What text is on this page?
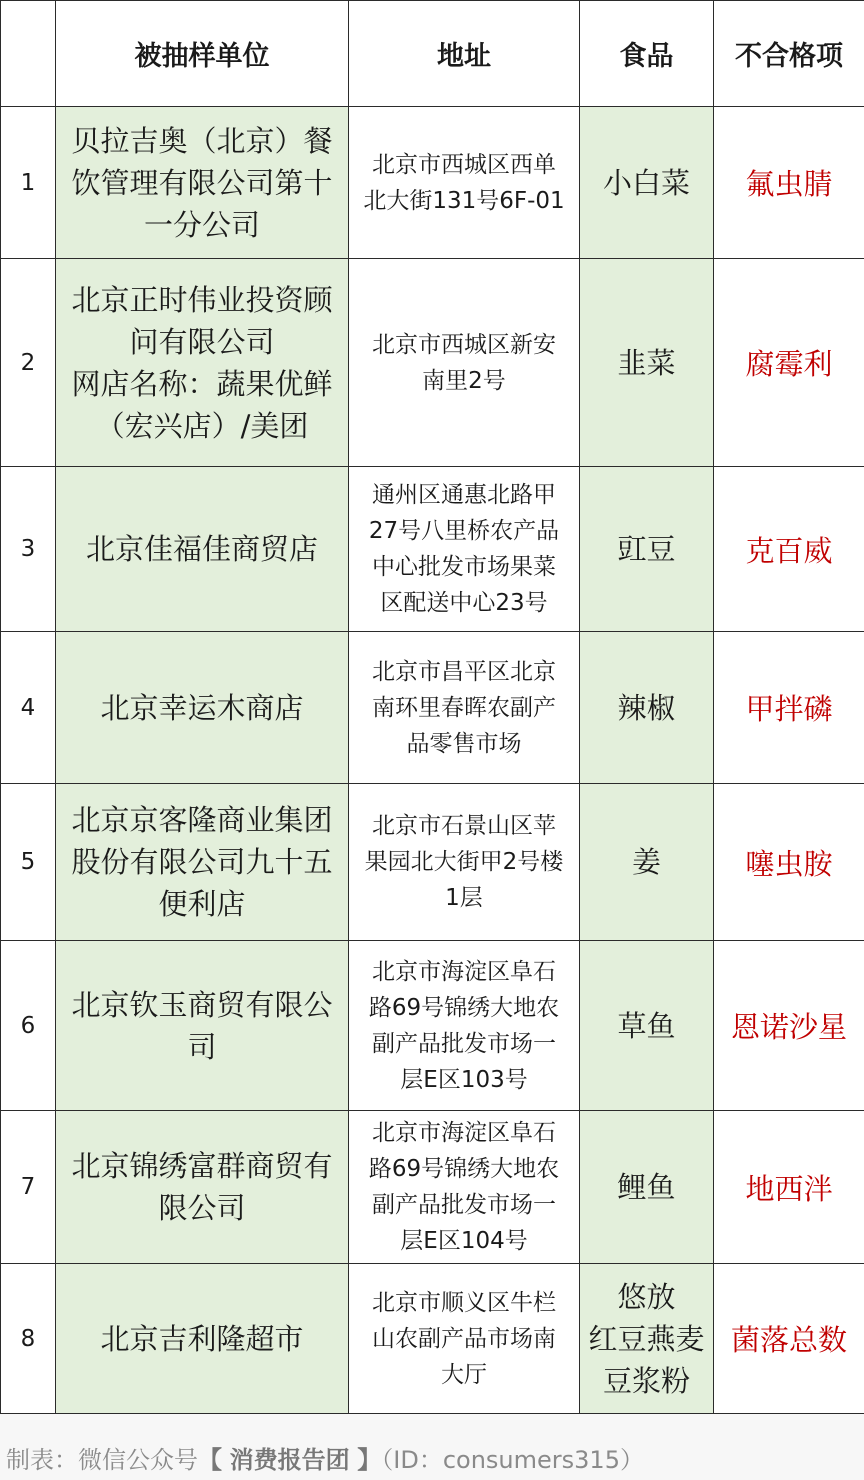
	被抽样单位	地址	食品	不合格项
1	贝拉吉奥（北京）餐
饮管理有限公司第十
一分公司	北京市西城区西单
北大街131号6F-01	小白菜	氟虫腈
2	北京正时伟业投资顾
问有限公司
网店名称：蔬果优鲜
（宏兴店）/美团	北京市西城区新安
南里2号	韭菜	腐霉利
3	北京佳福佳商贸店	通州区通惠北路甲
27号八里桥农产品
中心批发市场果菜
区配送中心23号	豇豆	克百威
4	北京幸运木商店	北京市昌平区北京
南环里春晖农副产
品零售市场	辣椒	甲拌磷
5	北京京客隆商业集团
股份有限公司九十五
便利店	北京市石景山区苹
果园北大街甲2号楼
1层	姜	噻虫胺
6	北京钦玉商贸有限公
司	北京市海淀区阜石
路69号锦绣大地农
副产品批发市场一
层E区103号	草鱼	恩诺沙星
7	北京锦绣富群商贸有
限公司	北京市海淀区阜石
路69号锦绣大地农
副产品批发市场一
层E区104号	鲤鱼	地西泮
8	北京吉利隆超市	北京市顺义区牛栏
山农副产品市场南
大厅	悠放
红豆燕麦
豆浆粉	菌落总数
制表：微信公众号【 消费报告团 】（ID：consumers315）
